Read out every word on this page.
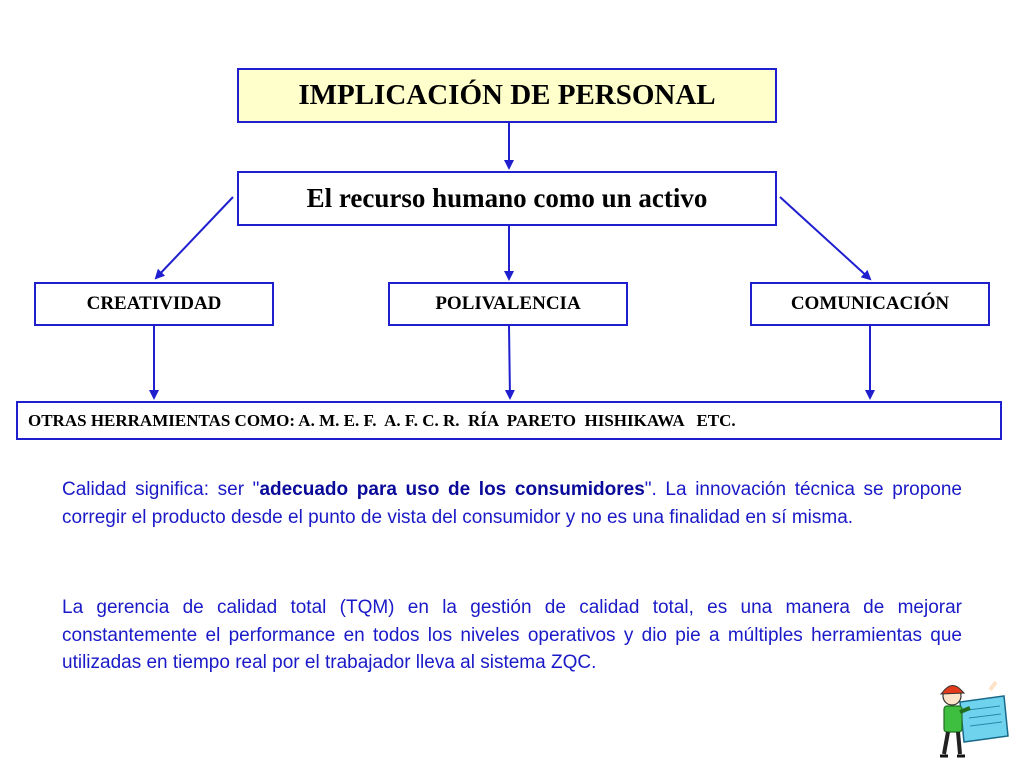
IMPLICACIÓN DE PERSONAL
El recurso humano como un activo
CREATIVIDAD	POLIVALENCIA	COMUNICACIÓN
OTRAS HERRAMIENTAS COMO: A. M. E. F.  A. F. C. R.  RÍA  PARETO  HISHIKAWA   ETC.

Calidad significa: ser "adecuado para uso de los consumidores". La innovación técnica se propone corregir el producto desde el punto de vista del consumidor y no es una finalidad en sí misma.

La gerencia de calidad total (TQM) en la gestión de calidad total, es una manera de mejorar constantemente el performance en todos los niveles operativos y dio pie a múltiples herramientas que utilizadas en tiempo real por el trabajador lleva al sistema ZQC.
